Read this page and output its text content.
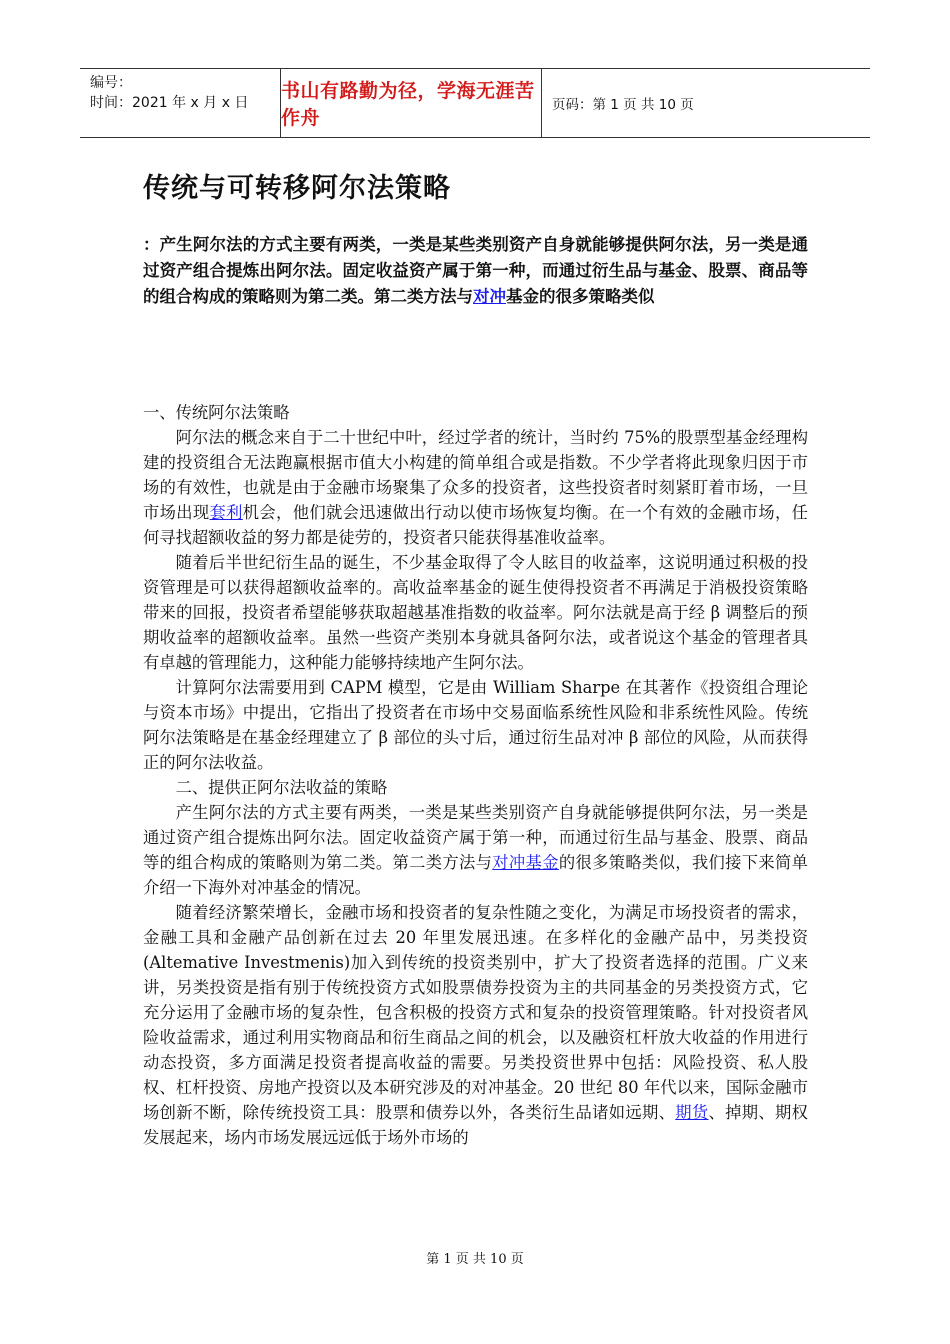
编号：
时间：2021 年 x 月 x 日
书山有路勤为径，学海无涯苦作舟
页码：第 1 页 共 10 页
传统与可转移阿尔法策略
：产生阿尔法的方式主要有两类，一类是某些类别资产自身就能够提供阿尔法，另一类是通过资产组合提炼出阿尔法。固定收益资产属于第一种，而通过衍生品与基金、股票、商品等的组合构成的策略则为第二类。第二类方法与对冲基金的很多策略类似

一、传统阿尔法策略

阿尔法的概念来自于二十世纪中叶，经过学者的统计，当时约 75%的股票型基金经理构建的投资组合无法跑赢根据市值大小构建的简单组合或是指数。不少学者将此现象归因于市场的有效性，也就是由于金融市场聚集了众多的投资者，这些投资者时刻紧盯着市场，一旦市场出现套利机会，他们就会迅速做出行动以使市场恢复均衡。在一个有效的金融市场，任何寻找超额收益的努力都是徒劳的，投资者只能获得基准收益率。

随着后半世纪衍生品的诞生，不少基金取得了令人眩目的收益率，这说明通过积极的投资管理是可以获得超额收益率的。高收益率基金的诞生使得投资者不再满足于消极投资策略带来的回报，投资者希望能够获取超越基准指数的收益率。阿尔法就是高于经 β 调整后的预期收益率的超额收益率。虽然一些资产类别本身就具备阿尔法，或者说这个基金的管理者具有卓越的管理能力，这种能力能够持续地产生阿尔法。

计算阿尔法需要用到 CAPM 模型，它是由 William Sharpe 在其著作《投资组合理论与资本市场》中提出，它指出了投资者在市场中交易面临系统性风险和非系统性风险。传统阿尔法策略是在基金经理建立了 β 部位的头寸后，通过衍生品对冲 β 部位的风险，从而获得正的阿尔法收益。

二、提供正阿尔法收益的策略

产生阿尔法的方式主要有两类，一类是某些类别资产自身就能够提供阿尔法，另一类是通过资产组合提炼出阿尔法。固定收益资产属于第一种，而通过衍生品与基金、股票、商品等的组合构成的策略则为第二类。第二类方法与对冲基金的很多策略类似，我们接下来简单介绍一下海外对冲基金的情况。

随着经济繁荣增长，金融市场和投资者的复杂性随之变化，为满足市场投资者的需求，金融工具和金融产品创新在过去 20 年里发展迅速。在多样化的金融产品中，另类投资(Altemative Investmenis)加入到传统的投资类别中，扩大了投资者选择的范围。广义来讲，另类投资是指有别于传统投资方式如股票债券投资为主的共同基金的另类投资方式，它充分运用了金融市场的复杂性，包含积极的投资方式和复杂的投资管理策略。针对投资者风险收益需求，通过利用实物商品和衍生商品之间的机会，以及融资杠杆放大收益的作用进行动态投资，多方面满足投资者提高收益的需要。另类投资世界中包括：风险投资、私人股权、杠杆投资、房地产投资以及本研究涉及的对冲基金。20 世纪 80 年代以来，国际金融市场创新不断，除传统投资工具：股票和债券以外，各类衍生品诸如远期、期货、掉期、期权发展起来，场内市场发展远远低于场外市场的

第 1 页 共 10 页
